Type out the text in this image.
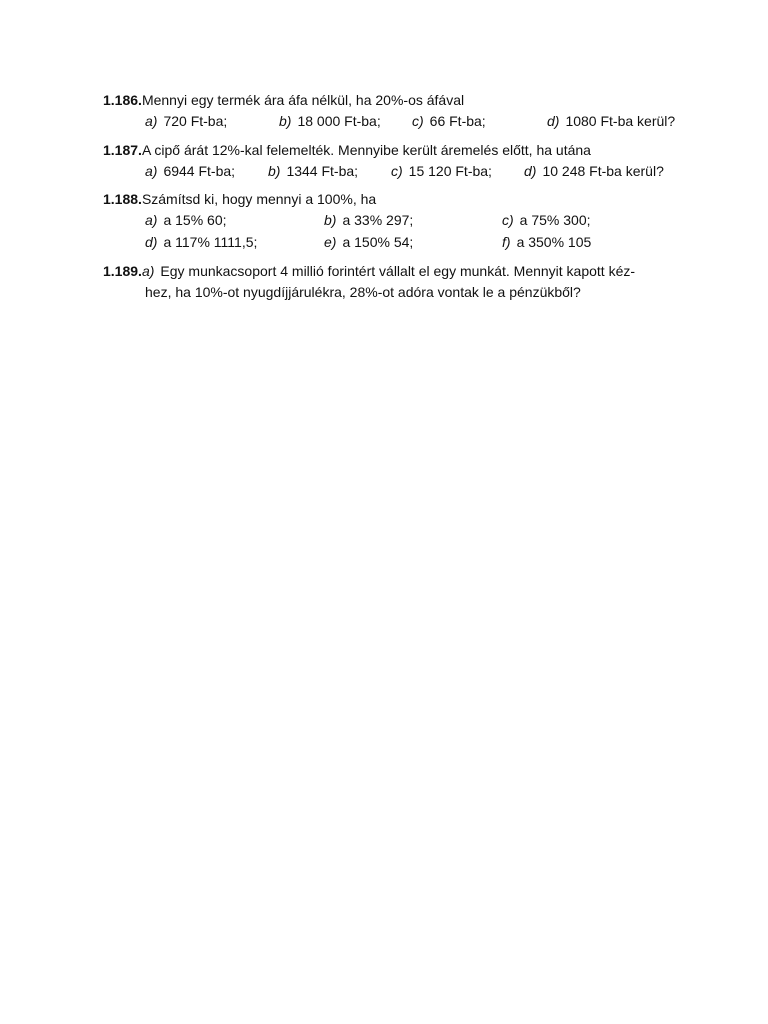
1.186.Mennyi egy termék ára áfa nélkül, ha 20%-os áfával
a) 720 Ft-ba;	b) 18 000 Ft-ba; c) 66 Ft-ba;	d) 1080 Ft-ba kerül?
1.187.A cipő árát 12%-kal felemelték. Mennyibe került áremelés előtt, ha utána
a) 6944 Ft-ba; b) 1344 Ft-ba; c) 15 120 Ft-ba; d) 10 248 Ft-ba kerül?
1.188.Számítsd ki, hogy mennyi a 100%, ha
a) a 15% 60;	b) a 33% 297;	c) a 75% 300;
d) a 117% 1111,5;	e) a 150% 54;	f) a 350% 105
1.189.a) Egy munkacsoport 4 millió forintért vállalt el egy munkát. Mennyit kapott kéz-
hez, ha 10%-ot nyugdíjjárulékra, 28%-ot adóra vontak le a pénzükből?
